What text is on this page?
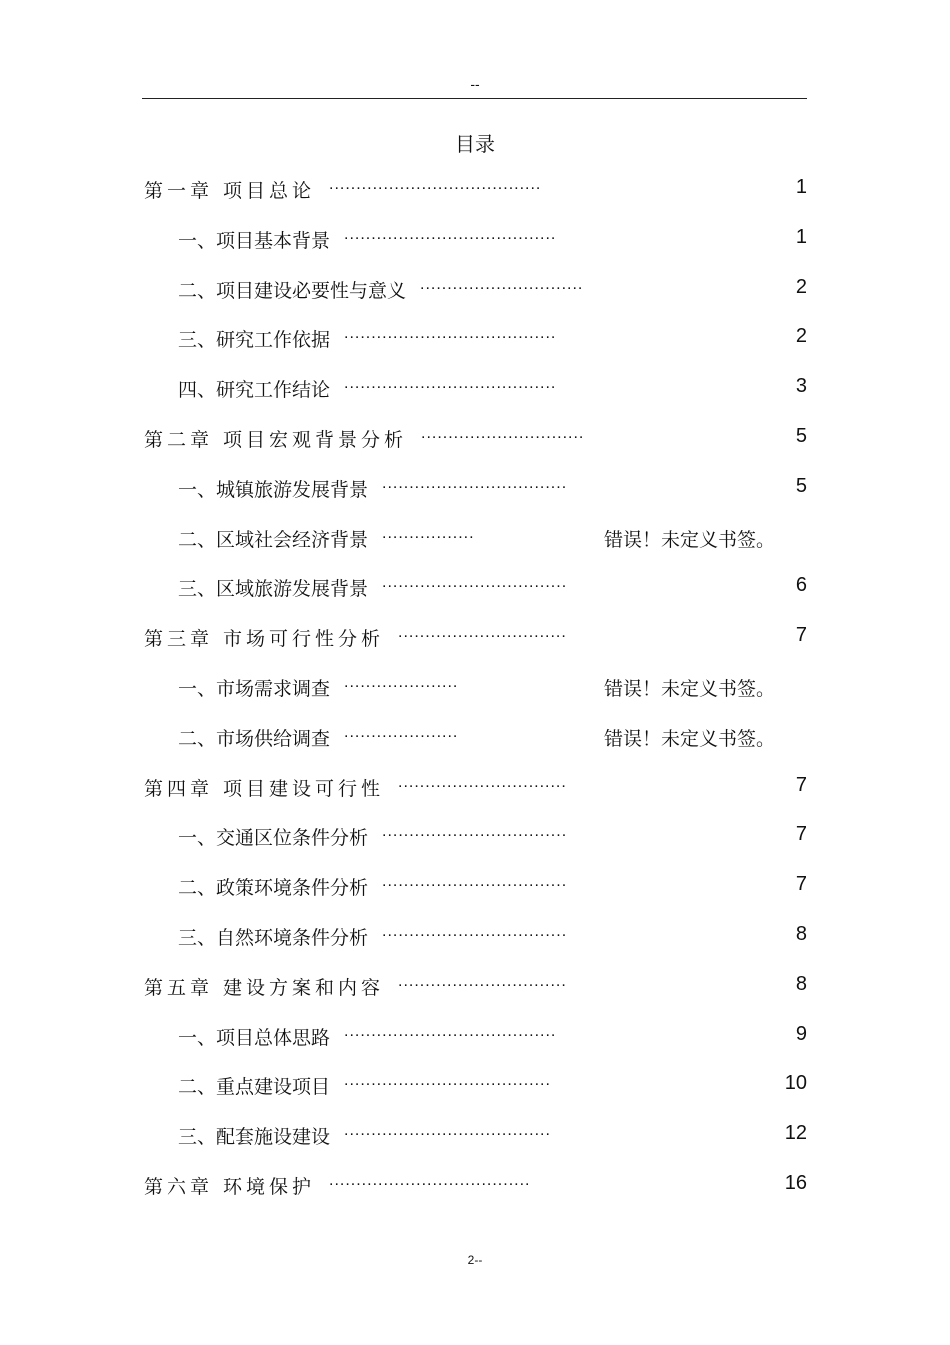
--
目录
第一章 项目总论 .......................................	1
一、项目基本背景 .......................................	1
二、项目建设必要性与意义 ..............................	2
三、研究工作依据 .......................................	2
四、研究工作结论 .......................................	3
第二章 项目宏观背景分析 ..............................	5
一、城镇旅游发展背景 ..................................	5
二、区域社会经济背景 .................	错误！未定义书签。
三、区域旅游发展背景 ..................................	6
第三章 市场可行性分析 ...............................	7
一、市场需求调查 .....................	错误！未定义书签。
二、市场供给调查 .....................	错误！未定义书签。
第四章 项目建设可行性 ...............................	7
一、交通区位条件分析 ..................................	7
二、政策环境条件分析 ..................................	7
三、自然环境条件分析 ..................................	8
第五章 建设方案和内容 ...............................	8
一、项目总体思路 .......................................	9
二、重点建设项目 ......................................	10
三、配套施设建设 ......................................	12
第六章 环境保护 .....................................	16
2--
